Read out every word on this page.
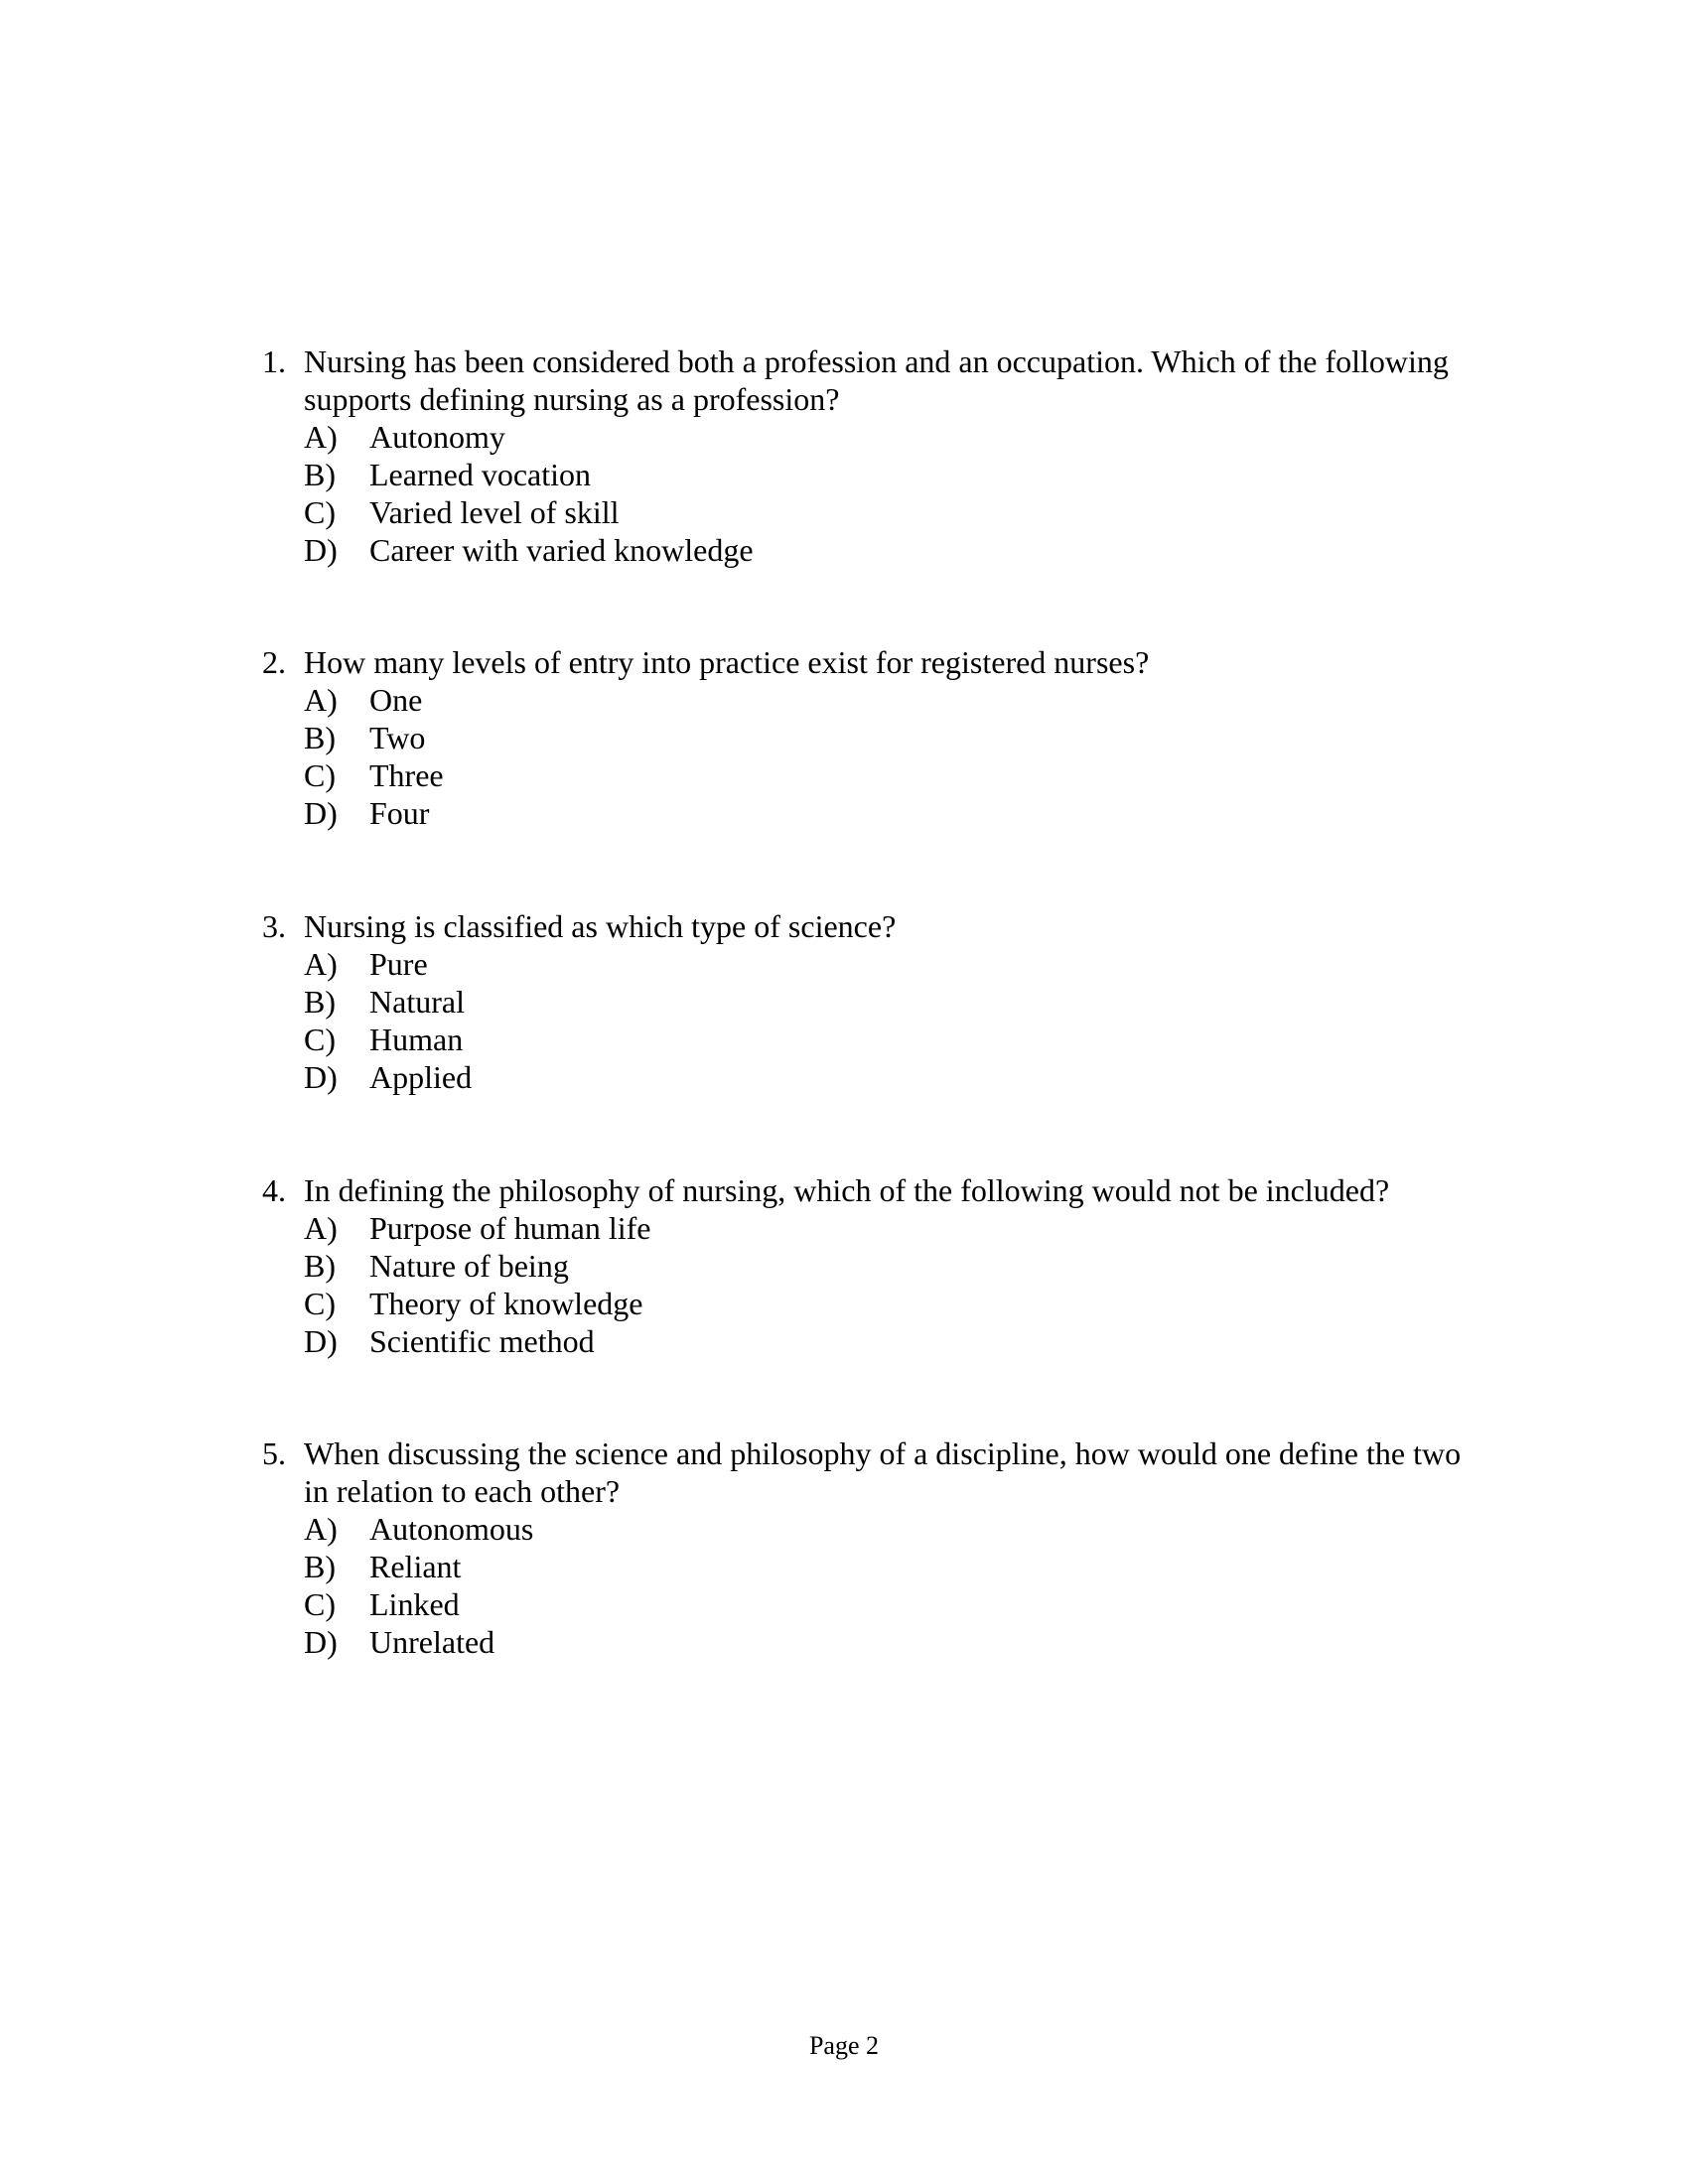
1. Nursing has been considered both a profession and an occupation. Which of the following supports defining nursing as a profession?
A)	Autonomy
B)	Learned vocation
C)	Varied level of skill
D)	Career with varied knowledge
2. How many levels of entry into practice exist for registered nurses?
A)	One
B)	Two
C)	Three
D)	Four
3. Nursing is classified as which type of science?
A)	Pure
B)	Natural
C)	Human
D)	Applied
4. In defining the philosophy of nursing, which of the following would not be included?
A)	Purpose of human life
B)	Nature of being
C)	Theory of knowledge
D)	Scientific method
5. When discussing the science and philosophy of a discipline, how would one define the two in relation to each other?
A)	Autonomous
B)	Reliant
C)	Linked
D)	Unrelated
Page 2
